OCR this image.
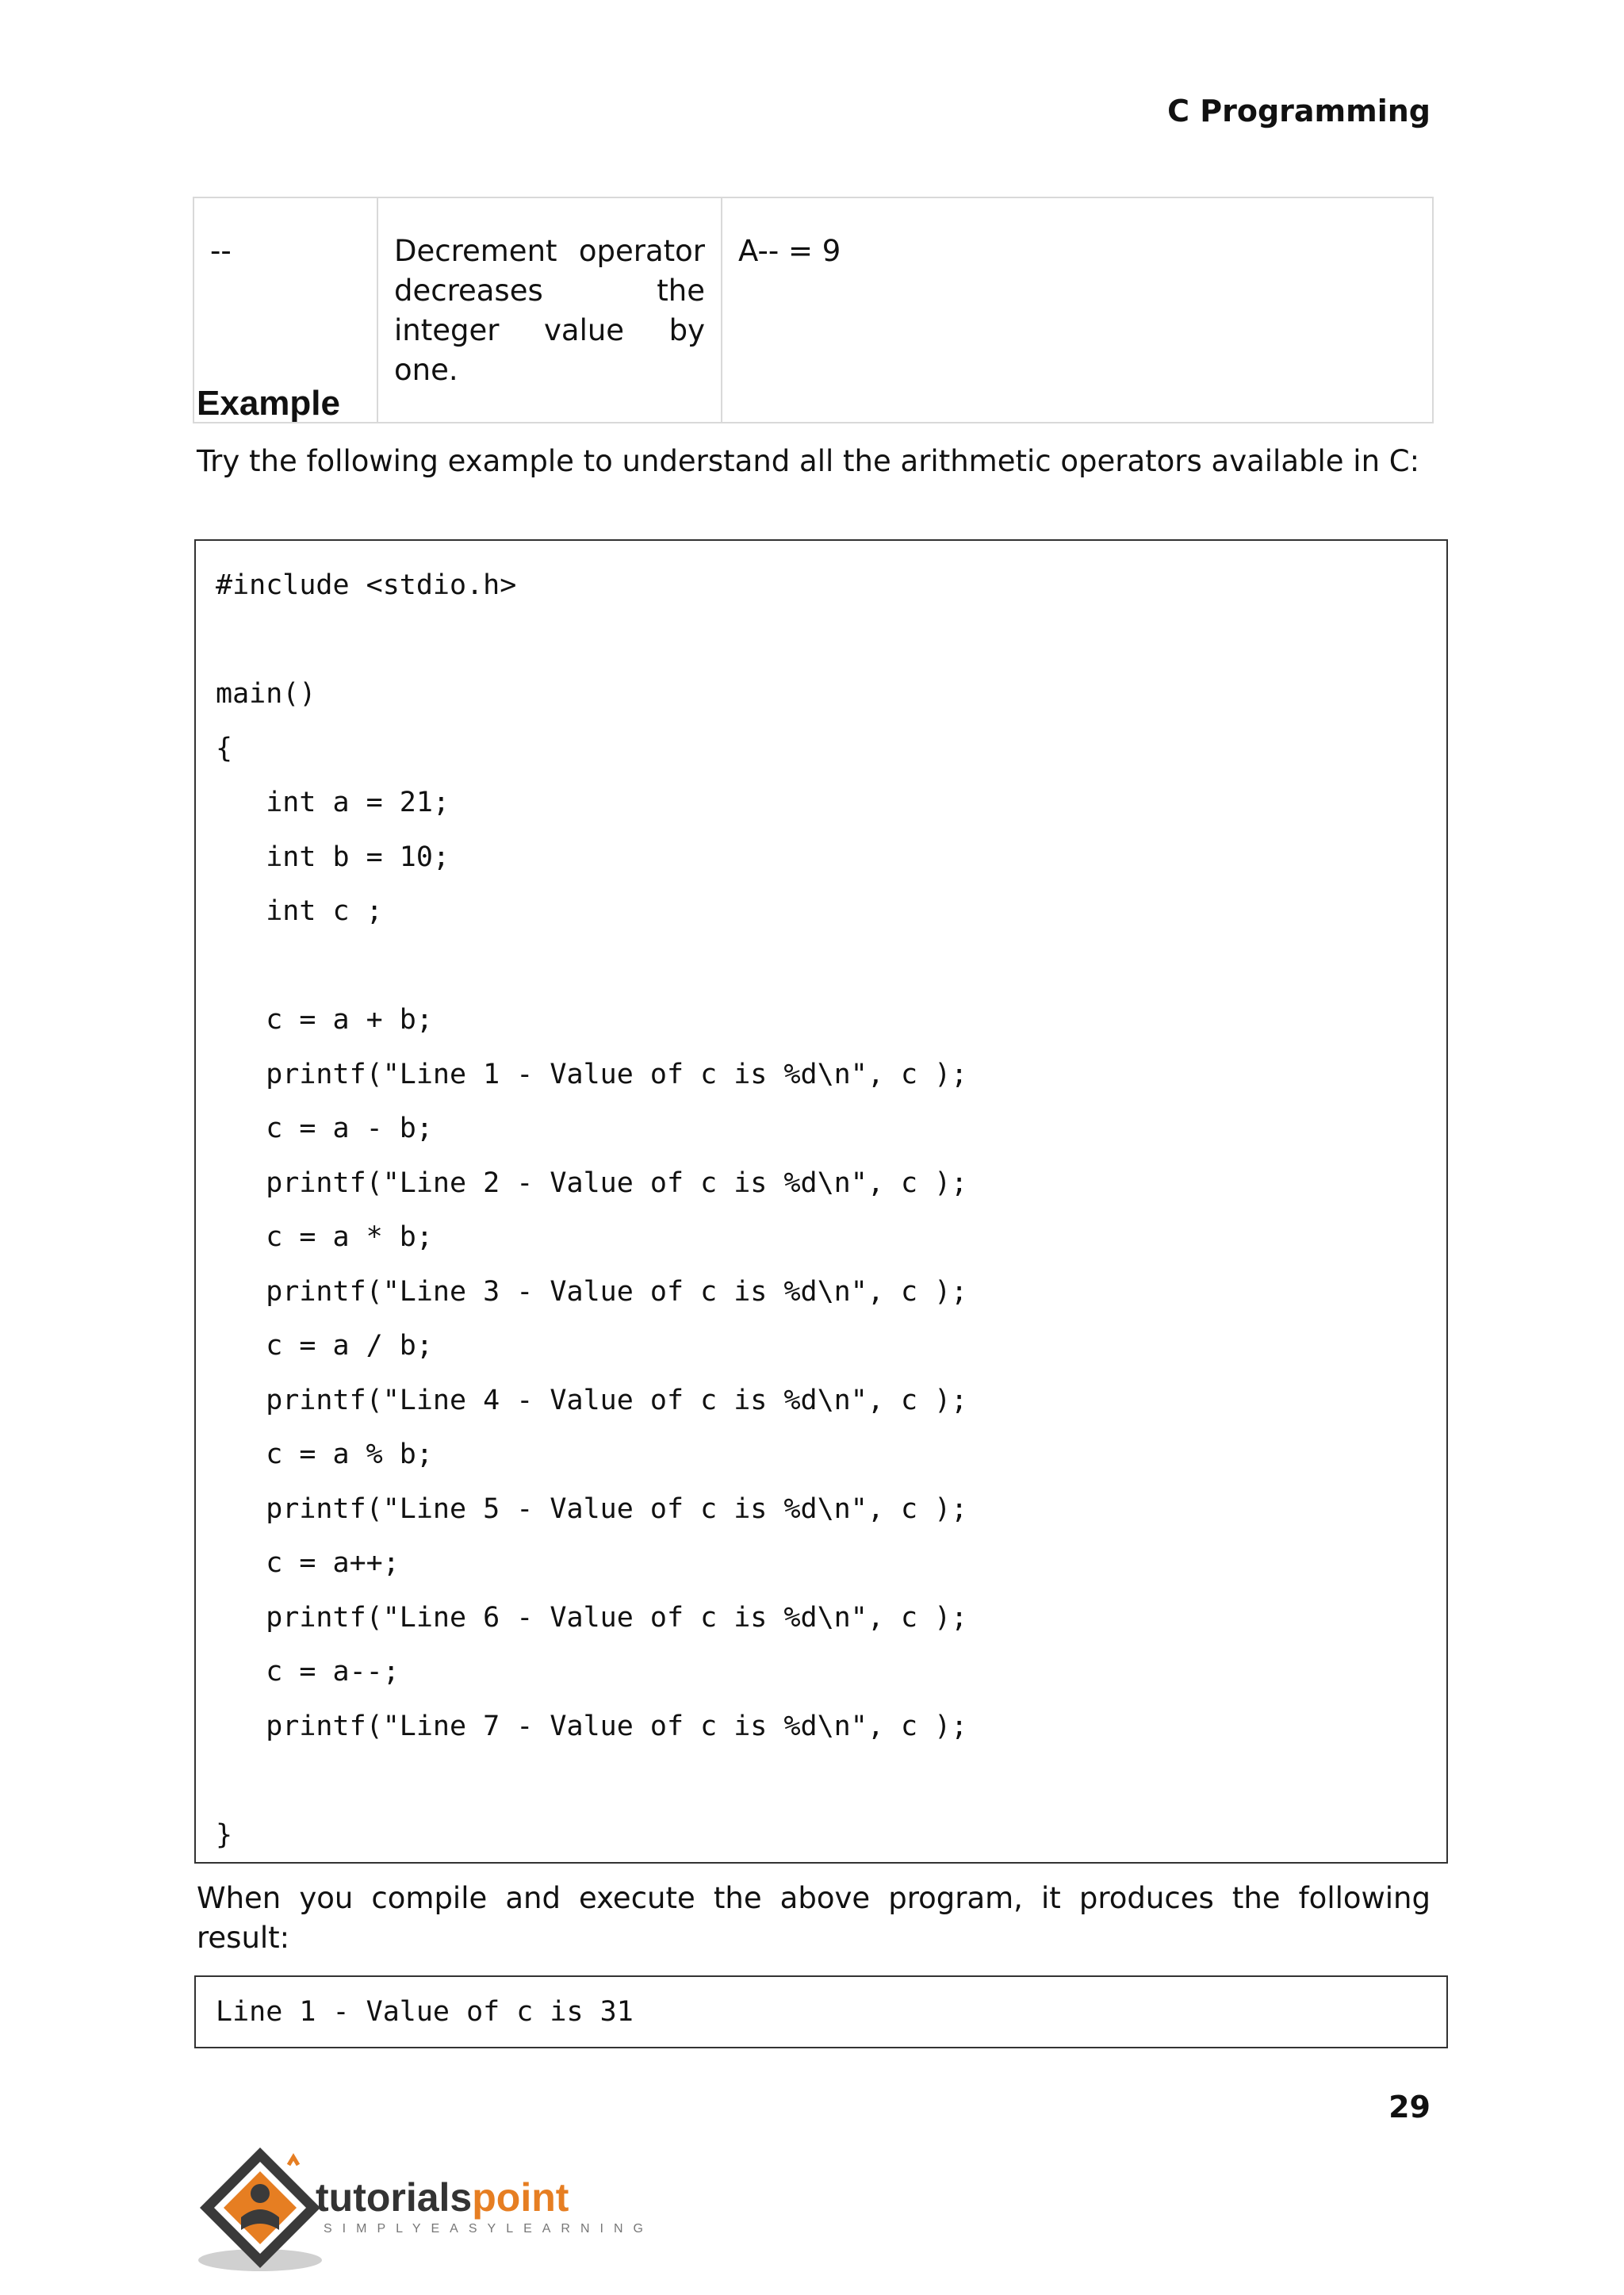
C Programming
--	Decrement operator decreases the integer value by one.	A-- = 9
Example
Try the following example to understand all the arithmetic operators available in C:
#include <stdio.h>
main()
{
int a = 21;
int b = 10;
int c ;
c = a + b;
printf("Line 1 - Value of c is %d\n", c );
c = a - b;
printf("Line 2 - Value of c is %d\n", c );
c = a * b;
printf("Line 3 - Value of c is %d\n", c );
c = a / b;
printf("Line 4 - Value of c is %d\n", c );
c = a % b;
printf("Line 5 - Value of c is %d\n", c );
c = a++;
printf("Line 6 - Value of c is %d\n", c );
c = a--;
printf("Line 7 - Value of c is %d\n", c );
}
When you compile and execute the above program, it produces the following result:
Line 1 - Value of c is 31
29
tutorialspoint
SIMPLYEASYLEARNING
